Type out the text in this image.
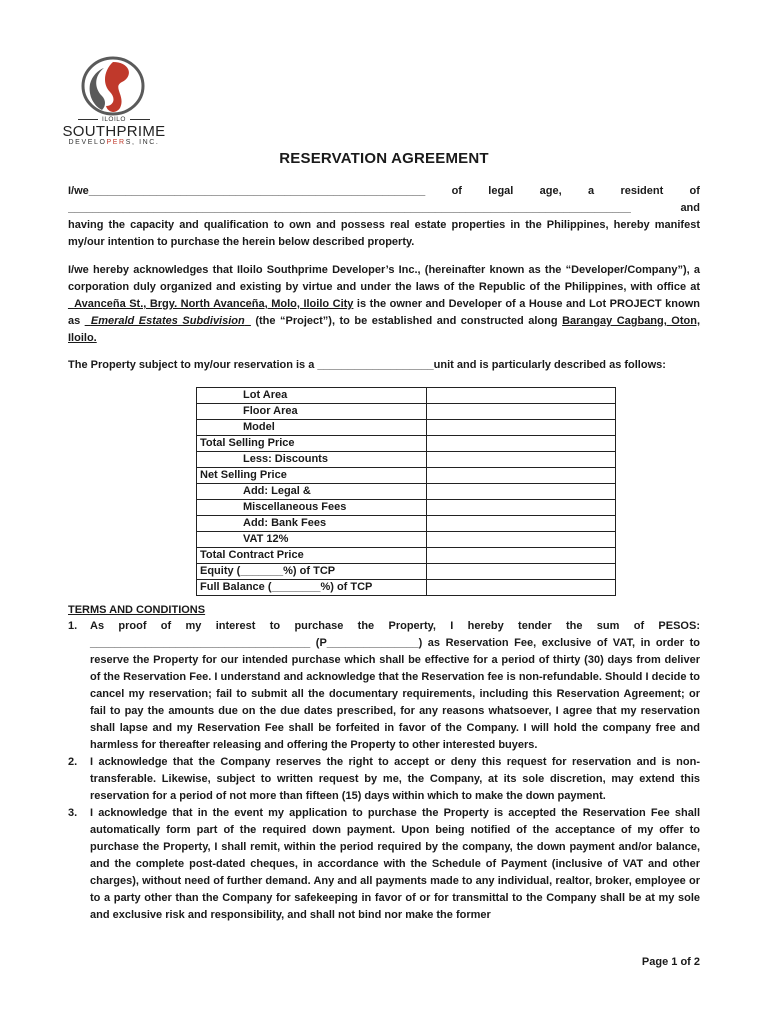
ILOILO
SOUTHPRIME
DEVELOPERS, INC.
RESERVATION AGREEMENT
I/we_______________________________________________________ of legal age, a resident of
____________________________________________________________________________________________	and
having the capacity and qualification to own and possess real estate properties in the Philippines, hereby manifest my/our intention to purchase the herein below described property.
I/we hereby acknowledges that Iloilo Southprime Developer’s Inc., (hereinafter known as the “Developer/Company”), a corporation duly organized and existing by virtue and under the laws of the Republic of the Philippines, with office at _Avanceña St., Brgy. North Avanceña, Molo, Iloilo City is the owner and Developer of a House and Lot PROJECT known as _Emerald Estates Subdivision_ (the “Project”), to be established and constructed along Barangay Cagbang, Oton, Iloilo.
The Property subject to my/our reservation is a ___________________unit and is particularly described as follows:
Lot Area	
Floor Area	
Model	
Total Selling Price	
Less: Discounts	
Net Selling Price	
Add: Legal &	
Miscellaneous Fees	
Add: Bank Fees	
VAT 12%	
Total Contract Price	
Equity (_______%) of TCP	
Full Balance (________%) of TCP	
TERMS AND CONDITIONS
1. As proof of my interest to purchase the Property, I hereby tender the sum of PESOS: ____________________________________ (P_______________) as Reservation Fee, exclusive of VAT, in order to reserve the Property for our intended purchase which shall be effective for a period of thirty (30) days from deliver of the Reservation Fee. I understand and acknowledge that the Reservation fee is non-refundable. Should I decide to cancel my reservation; fail to submit all the documentary requirements, including this Reservation Agreement; or fail to pay the amounts due on the due dates prescribed, for any reasons whatsoever, I agree that my reservation shall lapse and my Reservation Fee shall be forfeited in favor of the Company. I will hold the company free and harmless for thereafter releasing and offering the Property to other interested buyers.
2. I acknowledge that the Company reserves the right to accept or deny this request for reservation and is non-transferable. Likewise, subject to written request by me, the Company, at its sole discretion, may extend this reservation for a period of not more than fifteen (15) days within which to make the down payment.
3. I acknowledge that in the event my application to purchase the Property is accepted the Reservation Fee shall automatically form part of the required down payment. Upon being notified of the acceptance of my offer to purchase the Property, I shall remit, within the period required by the company, the down payment and/or balance, and the complete post-dated cheques, in accordance with the Schedule of Payment (inclusive of VAT and other charges), without need of further demand. Any and all payments made to any individual, realtor, broker, employee or to a party other than the Company for safekeeping in favor of or for transmittal to the Company shall be at my sole and exclusive risk and responsibility, and shall not bind nor make the former
Page 1 of 2
